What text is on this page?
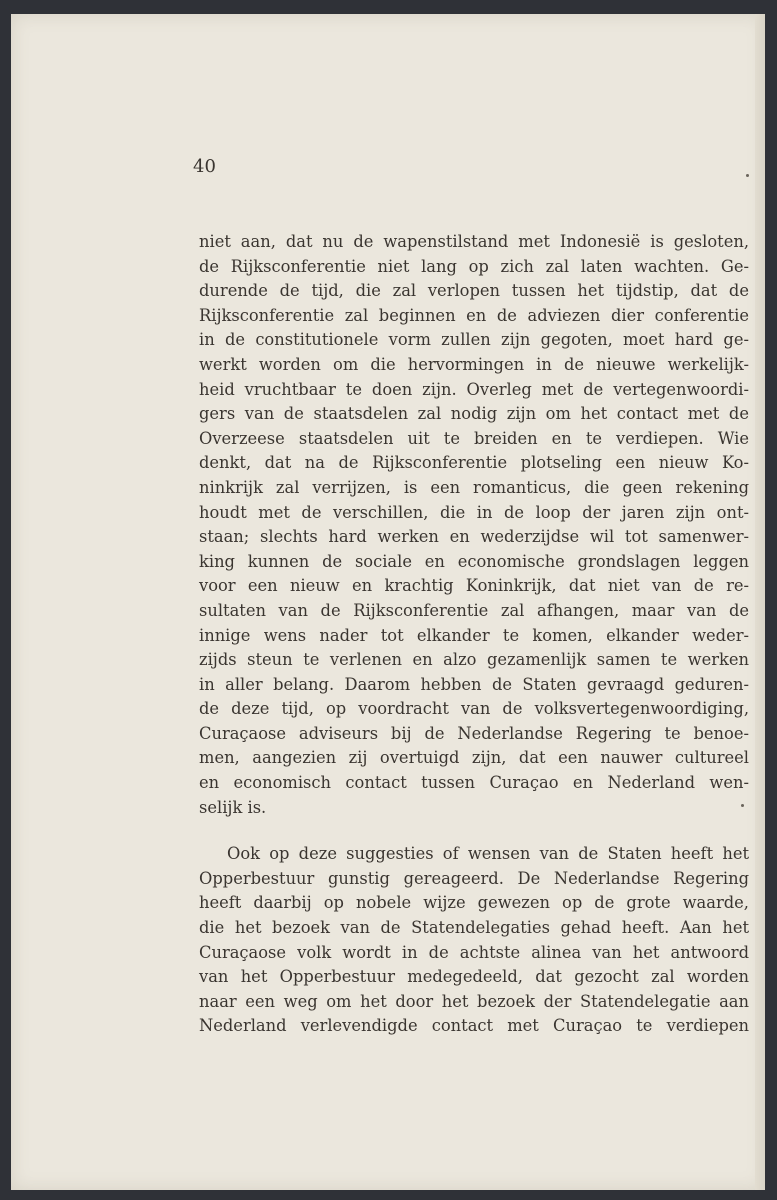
40
niet aan, dat nu de wapenstilstand met Indonesië is gesloten,
de Rijksconferentie niet lang op zich zal laten wachten. Ge-
durende de tijd, die zal verlopen tussen het tijdstip, dat de
Rijksconferentie zal beginnen en de adviezen dier conferentie
in de constitutionele vorm zullen zijn gegoten, moet hard ge-
werkt worden om die hervormingen in de nieuwe werkelijk-
heid vruchtbaar te doen zijn. Overleg met de vertegenwoordi-
gers van de staatsdelen zal nodig zijn om het contact met de
Overzeese staatsdelen uit te breiden en te verdiepen. Wie
denkt, dat na de Rijksconferentie plotseling een nieuw Ko-
ninkrijk zal verrijzen, is een romanticus, die geen rekening
houdt met de verschillen, die in de loop der jaren zijn ont-
staan; slechts hard werken en wederzijdse wil tot samenwer-
king kunnen de sociale en economische grondslagen leggen
voor een nieuw en krachtig Koninkrijk, dat niet van de re-
sultaten van de Rijksconferentie zal afhangen, maar van de
innige wens nader tot elkander te komen, elkander weder-
zijds steun te verlenen en alzo gezamenlijk samen te werken
in aller belang. Daarom hebben de Staten gevraagd geduren-
de deze tijd, op voordracht van de volksvertegenwoordiging,
Curaçaose adviseurs bij de Nederlandse Regering te benoe-
men, aangezien zij overtuigd zijn, dat een nauwer cultureel
en economisch contact tussen Curaçao en Nederland wen-
selijk is.
Ook op deze suggesties of wensen van de Staten heeft het
Opperbestuur gunstig gereageerd. De Nederlandse Regering
heeft daarbij op nobele wijze gewezen op de grote waarde,
die het bezoek van de Statendelegaties gehad heeft. Aan het
Curaçaose volk wordt in de achtste alinea van het antwoord
van het Opperbestuur medegedeeld, dat gezocht zal worden
naar een weg om het door het bezoek der Statendelegatie aan
Nederland verlevendigde contact met Curaçao te verdiepen
